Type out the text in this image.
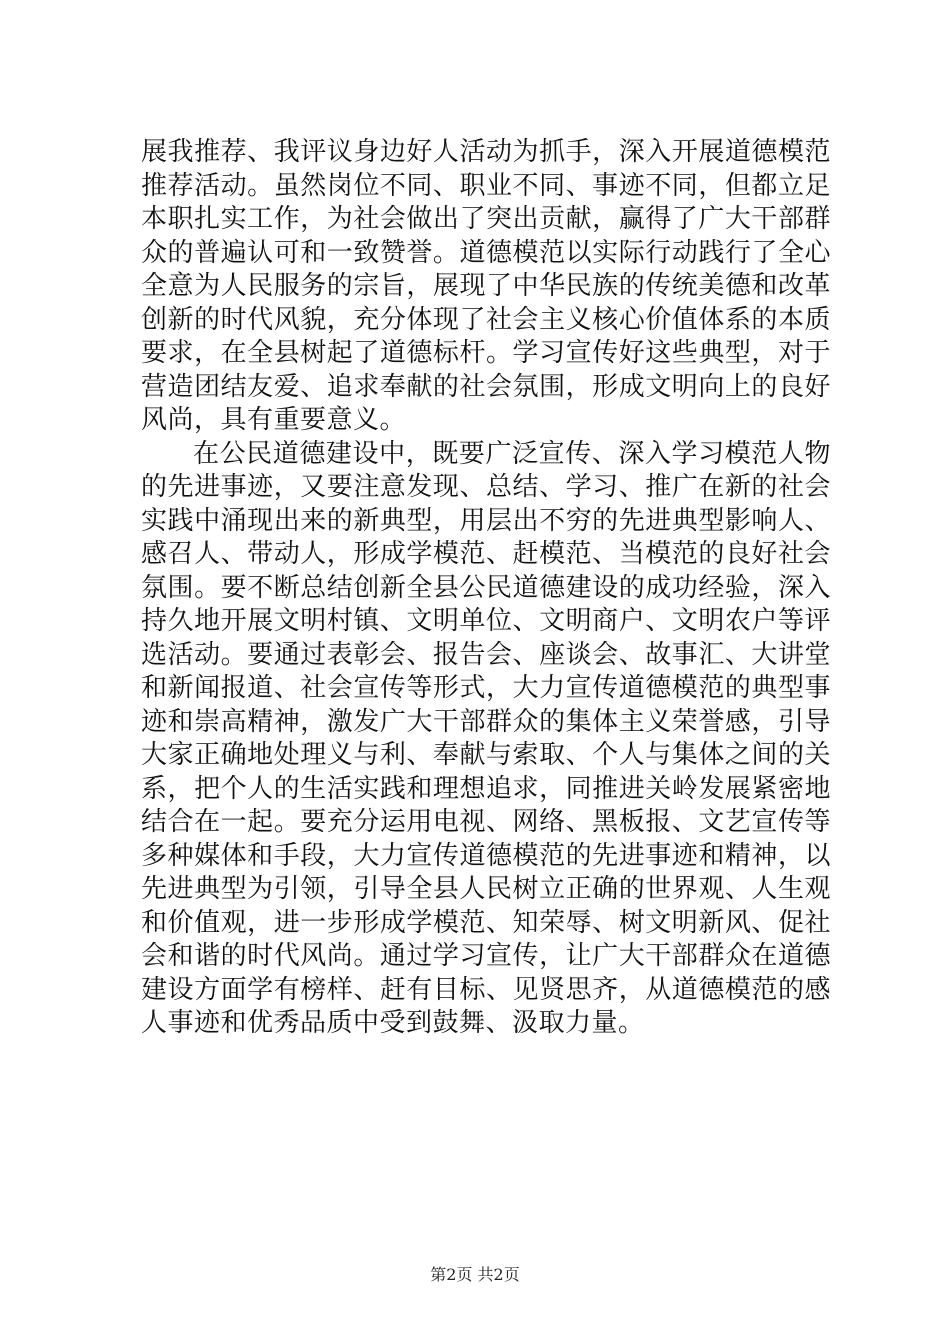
展我推荐、我评议身边好人活动为抓手，深入开展道德模范推荐活动。虽然岗位不同、职业不同、事迹不同，但都立足本职扎实工作，为社会做出了突出贡献，赢得了广大干部群众的普遍认可和一致赞誉。道德模范以实际行动践行了全心全意为人民服务的宗旨，展现了中华民族的传统美德和改革创新的时代风貌，充分体现了社会主义核心价值体系的本质要求，在全县树起了道德标杆。学习宣传好这些典型，对于营造团结友爱、追求奉献的社会氛围，形成文明向上的良好风尚，具有重要意义。

在公民道德建设中，既要广泛宣传、深入学习模范人物的先进事迹，又要注意发现、总结、学习、推广在新的社会实践中涌现出来的新典型，用层出不穷的先进典型影响人、感召人、带动人，形成学模范、赶模范、当模范的良好社会氛围。要不断总结创新全县公民道德建设的成功经验，深入持久地开展文明村镇、文明单位、文明商户、文明农户等评选活动。要通过表彰会、报告会、座谈会、故事汇、大讲堂和新闻报道、社会宣传等形式，大力宣传道德模范的典型事迹和崇高精神，激发广大干部群众的集体主义荣誉感，引导大家正确地处理义与利、奉献与索取、个人与集体之间的关系，把个人的生活实践和理想追求，同推进关岭发展紧密地结合在一起。要充分运用电视、网络、黑板报、文艺宣传等多种媒体和手段，大力宣传道德模范的先进事迹和精神，以先进典型为引领，引导全县人民树立正确的世界观、人生观和价值观，进一步形成学模范、知荣辱、树文明新风、促社会和谐的时代风尚。通过学习宣传，让广大干部群众在道德建设方面学有榜样、赶有目标、见贤思齐，从道德模范的感人事迹和优秀品质中受到鼓舞、汲取力量。

第2页 共2页
